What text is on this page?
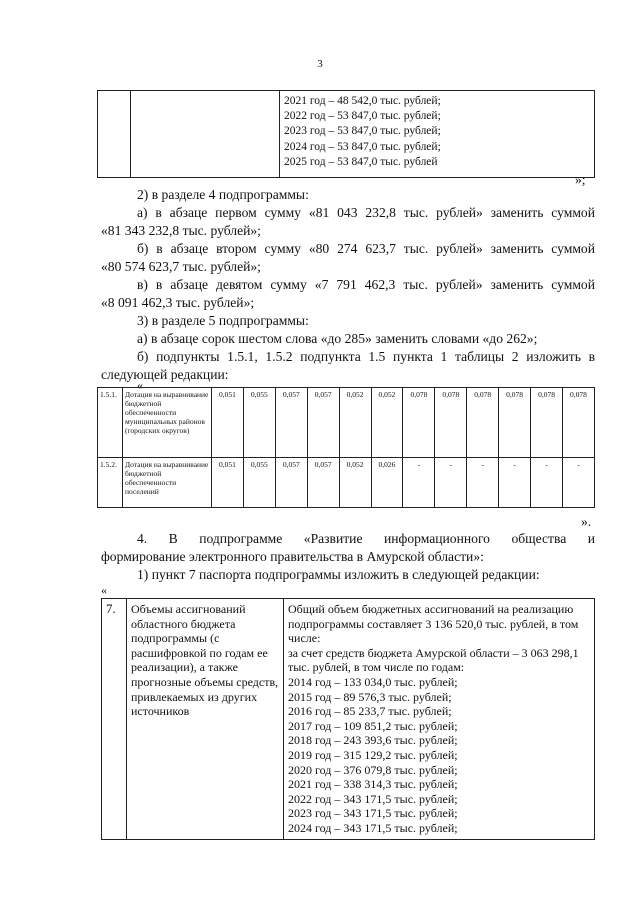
3

2021 год – 48 542,0 тыс. рублей;
2022 год – 53 847,0 тыс. рублей;
2023 год – 53 847,0 тыс. рублей;
2024 год – 53 847,0 тыс. рублей;
2025 год – 53 847,0 тыс. рублей
»;
2) в разделе 4 подпрограммы:
а) в абзаце первом сумму «81 043 232,8 тыс. рублей» заменить суммой
«81 343 232,8 тыс. рублей»;
б) в абзаце втором сумму «80 274 623,7 тыс. рублей» заменить суммой
«80 574 623,7 тыс. рублей»;
в) в абзаце девятом сумму «7 791 462,3 тыс. рублей» заменить суммой
«8 091 462,3 тыс. рублей»;
3) в разделе 5 подпрограммы:
а) в абзаце сорок шестом слова «до 285» заменить словами «до 262»;
б) подпункты 1.5.1, 1.5.2 подпункта 1.5 пункта 1 таблицы 2 изложить в
следующей редакции:
«
1.5.1.	Дотация на выравнивание бюджетной обеспеченности муниципальных районов (городских округов)	0,051	0,055	0,057	0,057	0,052	0,052	0,078	0,078	0,078	0,078	0,078	0,078
1.5.2.	Дотация на выравнивание бюджетной обеспеченности поселений	0,051	0,055	0,057	0,057	0,052	0,026	-	-	-	-	-	-
».
4. В подпрограмме «Развитие информационного общества и
формирование электронного правительства в Амурской области»:
1) пункт 7 паспорта подпрограммы изложить в следующей редакции:
«
7.	Объемы ассигнований областного бюджета подпрограммы (с расшифровкой по годам ее реализации), а также прогнозные объемы средств, привлекаемых из других источников	
Общий объем бюджетных ассигнований на реализацию подпрограммы составляет 3 136 520,0 тыс. рублей, в том числе:
за счет средств бюджета Амурской области – 3 063 298,1 тыс. рублей, в том числе по годам:
2014 год – 133 034,0 тыс. рублей;
2015 год – 89 576,3 тыс. рублей;
2016 год – 85 233,7 тыс. рублей;
2017 год – 109 851,2 тыс. рублей;
2018 год – 243 393,6 тыс. рублей;
2019 год – 315 129,2 тыс. рублей;
2020 год – 376 079,8 тыс. рублей;
2021 год – 338 314,3 тыс. рублей;
2022 год – 343 171,5 тыс. рублей;
2023 год – 343 171,5 тыс. рублей;
2024 год – 343 171,5 тыс. рублей;
